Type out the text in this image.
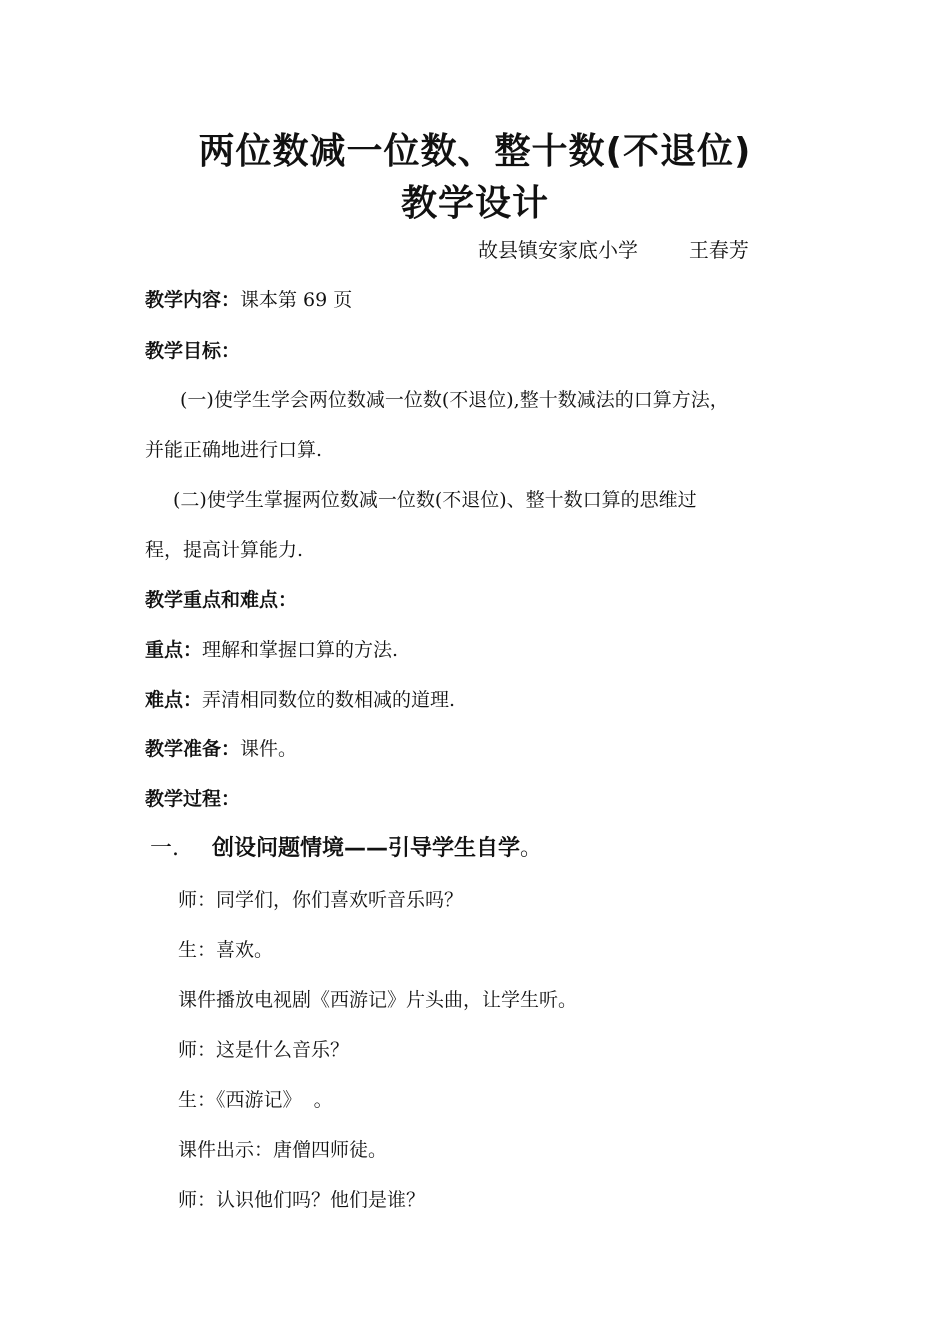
两位数减一位数、整十数(不退位)
教学设计
故县镇安家底小学        王春芳
教学内容：课本第 69 页
教学目标：
(一)使学生学会两位数减一位数(不退位),整十数减法的口算方法，
并能正确地进行口算.
(二)使学生掌握两位数减一位数(不退位)、整十数口算的思维过
程，提高计算能力.
教学重点和难点：
重点：理解和掌握口算的方法.
难点：弄清相同数位的数相减的道理.
教学准备：课件。
教学过程：
一. 创设问题情境——引导学生自学。
师：同学们，你们喜欢听音乐吗？
生：喜欢。
课件播放电视剧《西游记》片头曲，让学生听。
师：这是什么音乐？
生：《西游记》  。
课件出示：唐僧四师徒。
师：认识他们吗？他们是谁？
